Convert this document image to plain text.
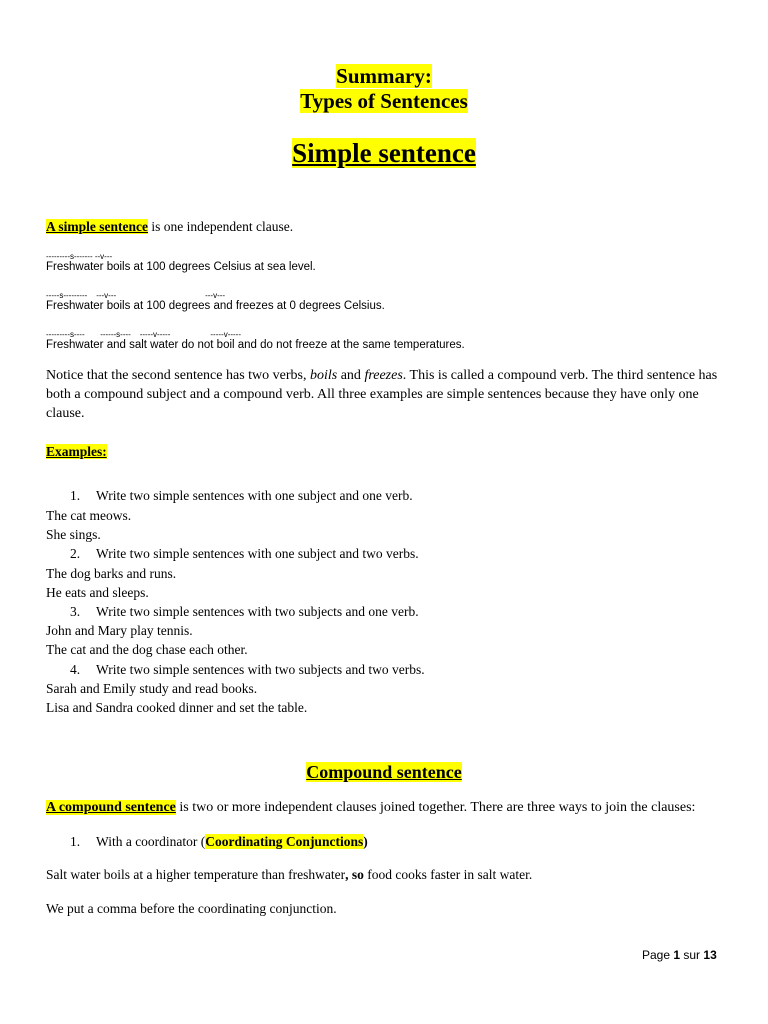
Summary:
Types of Sentences
Simple sentence
A simple sentence is one independent clause.
---------s------- --v---
Freshwater boils at 100 degrees Celsius at sea level.
-----s---------    ---v---                                        ---v---
Freshwater boils at 100 degrees and freezes at 0 degrees Celsius.
---------s----       ------s----    -----v-----                  -----v-----
Freshwater and salt water do not boil and do not freeze at the same temperatures.
Notice that the second sentence has two verbs, boils and freezes. This is called a compound verb. The third sentence has both a compound subject and a compound verb. All three examples are simple sentences because they have only one clause.
Examples:
1. Write two simple sentences with one subject and one verb.
The cat meows.
She sings.
2. Write two simple sentences with one subject and two verbs.
The dog barks and runs.
He eats and sleeps.
3. Write two simple sentences with two subjects and one verb.
John and Mary play tennis.
The cat and the dog chase each other.
4. Write two simple sentences with two subjects and two verbs.
Sarah and Emily study and read books.
Lisa and Sandra cooked dinner and set the table.
Compound sentence
A compound sentence is two or more independent clauses joined together. There are three ways to join the clauses:
1. With a coordinator (Coordinating Conjunctions)
Salt water boils at a higher temperature than freshwater, so food cooks faster in salt water.
We put a comma before the coordinating conjunction.
Page 1 sur 13
